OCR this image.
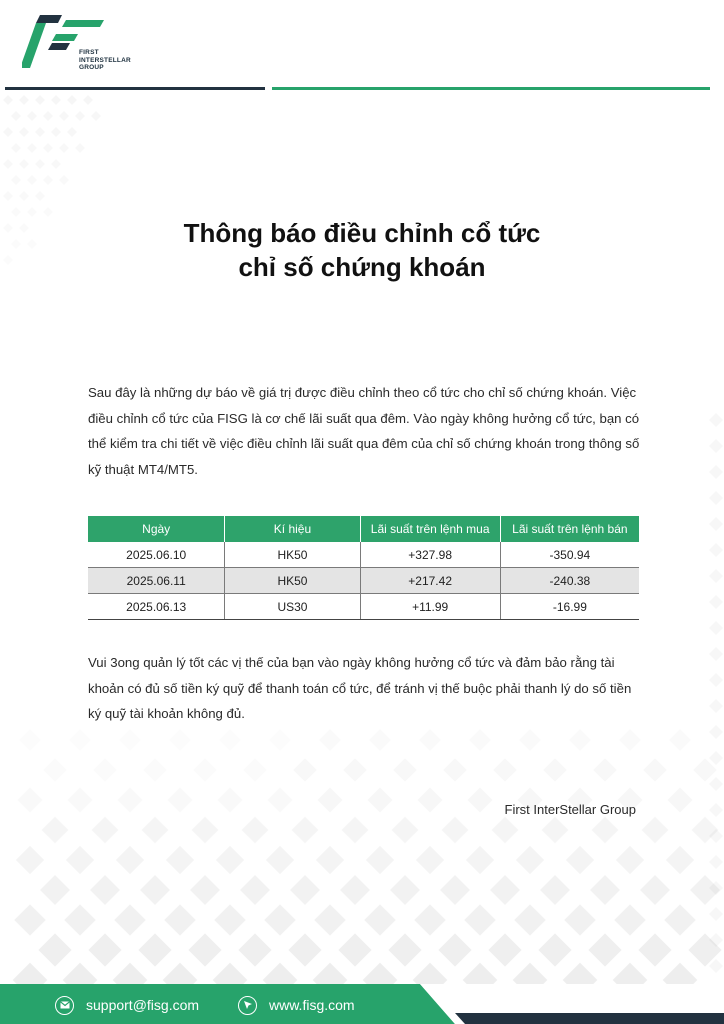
FIRST
INTERSTELLAR
GROUP
Thông báo điều chỉnh cổ tức
chỉ số chứng khoán
Sau đây là những dự báo về giá trị được điều chỉnh theo cổ tức cho chỉ số chứng khoán. Việc điều chỉnh cổ tức của FISG là cơ chế lãi suất qua đêm. Vào ngày không hưởng cổ tức, bạn có thể kiểm tra chi tiết về việc điều chỉnh lãi suất qua đêm của chỉ số chứng khoán trong thông số kỹ thuật MT4/MT5.
Ngày	Kí hiệu	Lãi suất trên lệnh mua	Lãi suất trên lệnh bán
2025.06.10	HK50	+327.98	-350.94
2025.06.11	HK50	+217.42	-240.38
2025.06.13	US30	+11.99	-16.99
Vui 3ong quản lý tốt các vị thế của bạn vào ngày không hưởng cổ tức và đảm bảo rằng tài khoản có đủ số tiền ký quỹ để thanh toán cổ tức, để tránh vị thế buộc phải thanh lý do số tiền ký quỹ tài khoản không đủ.
First InterStellar Group
support@fisg.com	www.fisg.com
